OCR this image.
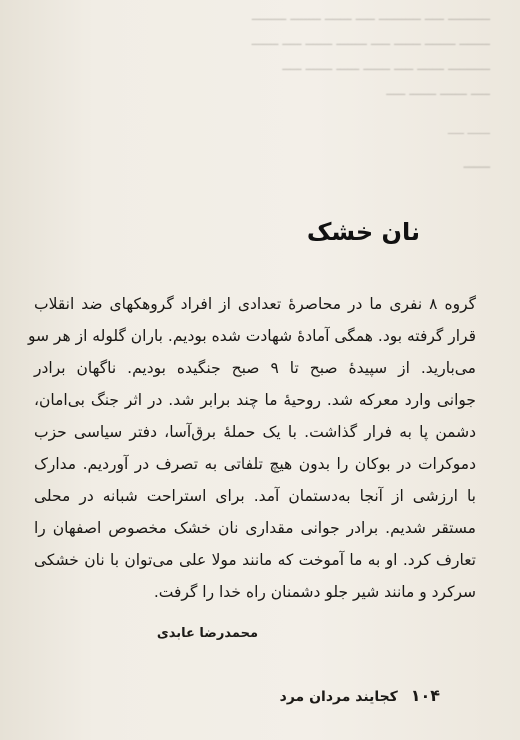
ـــــــــــ ـــــ ـــــــــــ ـــــ ـــــــ ــــــــ ـــــــــ
ــــــــ ــــــــ ـــــــ ـــــ ــــــــ ـــــــ ـــــ ـــــــ
ـــــــــــ ـــــــ ـــــ ـــــــ ــــــ ـــــــ ـــــ
ـــــ ـــــــ ـــــــ ـــــ
ـــــــ ـــــ
ـــــ
نان خشک

گروه ۸ نفری ما در محاصرهٔ تعدادی از افراد گروهکهای ضد انقلاب
قرار گرفته بود. همگی آمادهٔ شهادت شده بودیم. باران گلوله از هر سو
می‌بارید. از سپیدهٔ صبح تا ۹ صبح جنگیده بودیم. ناگهان برادر
جوانی وارد معرکه شد. روحیهٔ ما چند برابر شد. در اثر جنگ بی‌امان،
دشمن پا به فرار گذاشت. با یک حملهٔ برق‌آسا، دفتر سیاسی حزب
دموکرات در بوکان را بدون هیچ تلفاتی به تصرف در آوردیم. مدارک
با ارزشی از آنجا به‌دستمان آمد. برای استراحت شبانه در محلی
مستقر شدیم. برادر جوانی مقداری نان خشک مخصوص اصفهان را
تعارف کرد. او به ما آموخت که مانند مولا علی می‌توان با نان خشکی
سرکرد و مانند شیر جلو دشمنان راه خدا را گرفت.

محمدرضا عابدی

۱۰۴ کجایند مردان مرد
